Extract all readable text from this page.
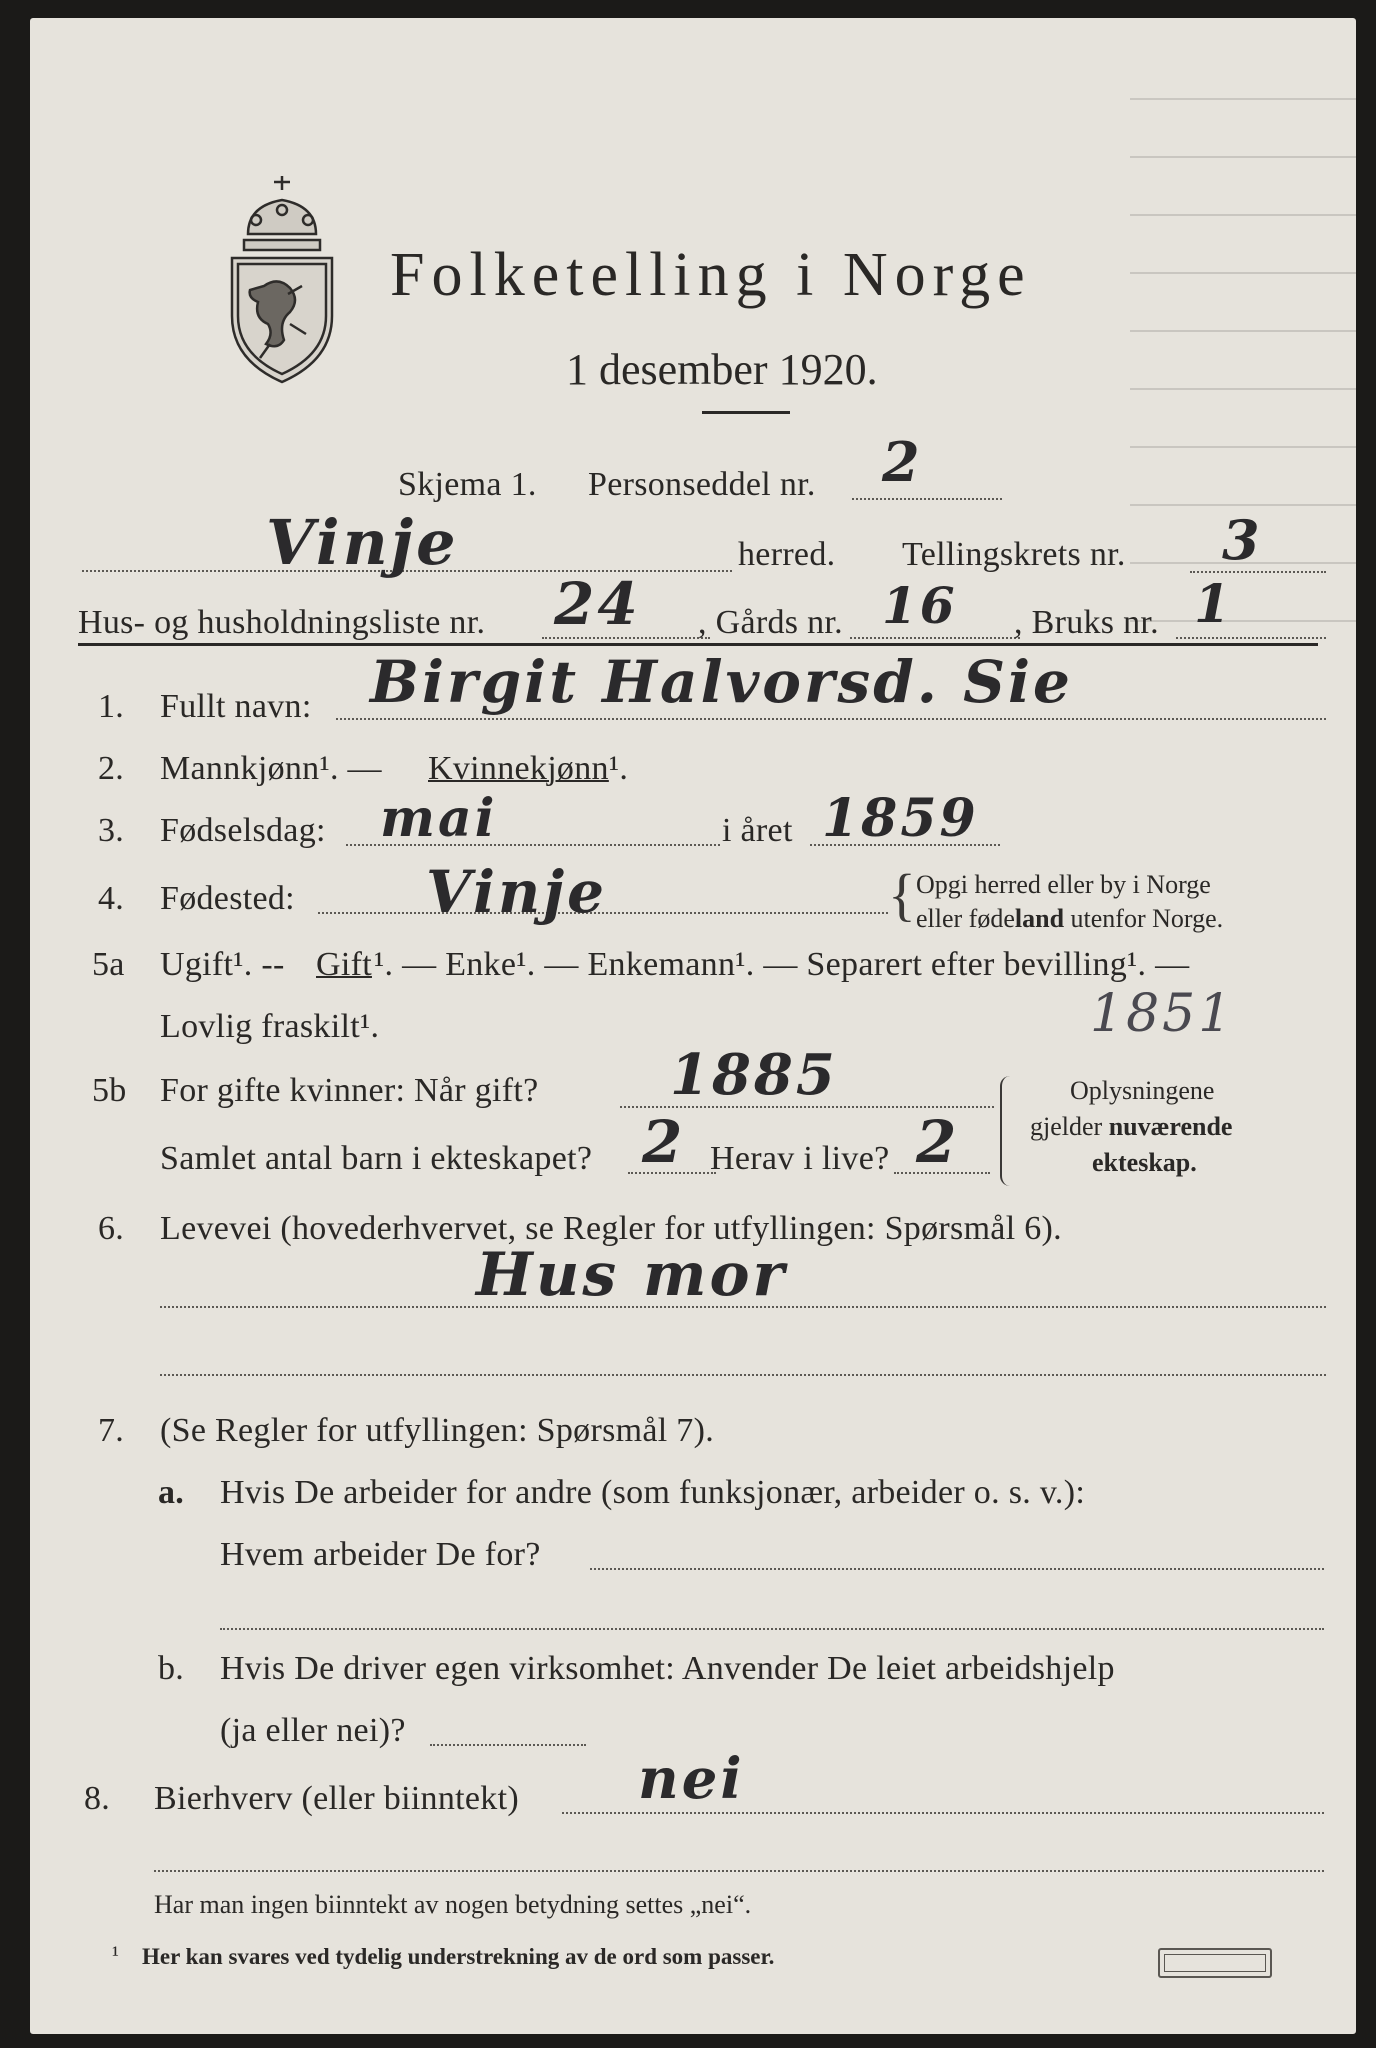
Folketelling i Norge
1 desember 1920.
Skjema 1. Personseddel nr. 2
Vinje	herred. Tellingskrets nr. 3
Hus- og husholdningsliste nr. 24 , Gårds nr. 16 , Bruks nr. 1
1. Fullt navn: Birgit Halvorsd. Sie
2. Mannkjønn¹. — Kvinnekjønn¹.
3. Fødselsdag: mai	i året 1859
4. Fødested: Vinje	{ Opgi herred eller by i Norge
eller fødeland utenfor Norge.
5a Ugift¹. -- Gift ¹. — Enke¹. — Enkemann¹. — Separert efter bevilling¹. —
Lovlig fraskilt¹.	1851
5b For gifte kvinner: Når gift? 1885
Samlet antal barn i ekteskapet? 2 Herav i live? 2
Oplysningene
gjelder nuværende
ekteskap.
6. Levevei (hovederhvervet, se Regler for utfyllingen: Spørsmål 6).
Hus mor
7. (Se Regler for utfyllingen: Spørsmål 7).
a. Hvis De arbeider for andre (som funksjonær, arbeider o. s. v.):
Hvem arbeider De for?
b. Hvis De driver egen virksomhet: Anvender De leiet arbeidshjelp
(ja eller nei)?
8. Bierhverv (eller biinntekt) nei
Har man ingen biinntekt av nogen betydning settes „nei“.
¹ Her kan svares ved tydelig understrekning av de ord som passer.
